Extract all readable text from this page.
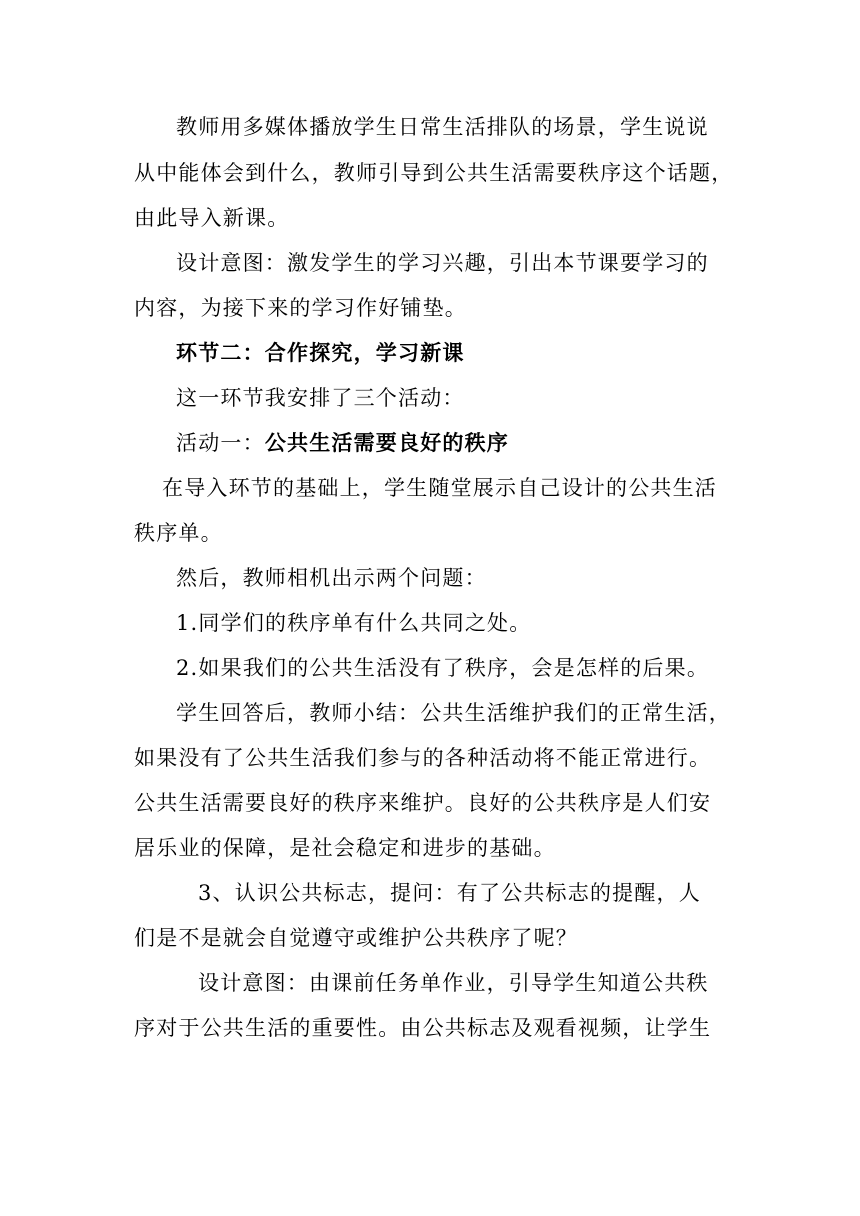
教师用多媒体播放学生日常生活排队的场景，学生说说
从中能体会到什么，教师引导到公共生活需要秩序这个话题，
由此导入新课。
设计意图：激发学生的学习兴趣，引出本节课要学习的
内容，为接下来的学习作好铺垫。
环节二：合作探究，学习新课
这一环节我安排了三个活动：
活动一：公共生活需要良好的秩序
在导入环节的基础上，学生随堂展示自己设计的公共生活
秩序单。
然后，教师相机出示两个问题：
1.同学们的秩序单有什么共同之处。
2.如果我们的公共生活没有了秩序，会是怎样的后果。
学生回答后，教师小结：公共生活维护我们的正常生活，
如果没有了公共生活我们参与的各种活动将不能正常进行。
公共生活需要良好的秩序来维护。良好的公共秩序是人们安
居乐业的保障，是社会稳定和进步的基础。
3、认识公共标志，提问：有了公共标志的提醒，人
们是不是就会自觉遵守或维护公共秩序了呢？
设计意图：由课前任务单作业，引导学生知道公共秩
序对于公共生活的重要性。由公共标志及观看视频，让学生
